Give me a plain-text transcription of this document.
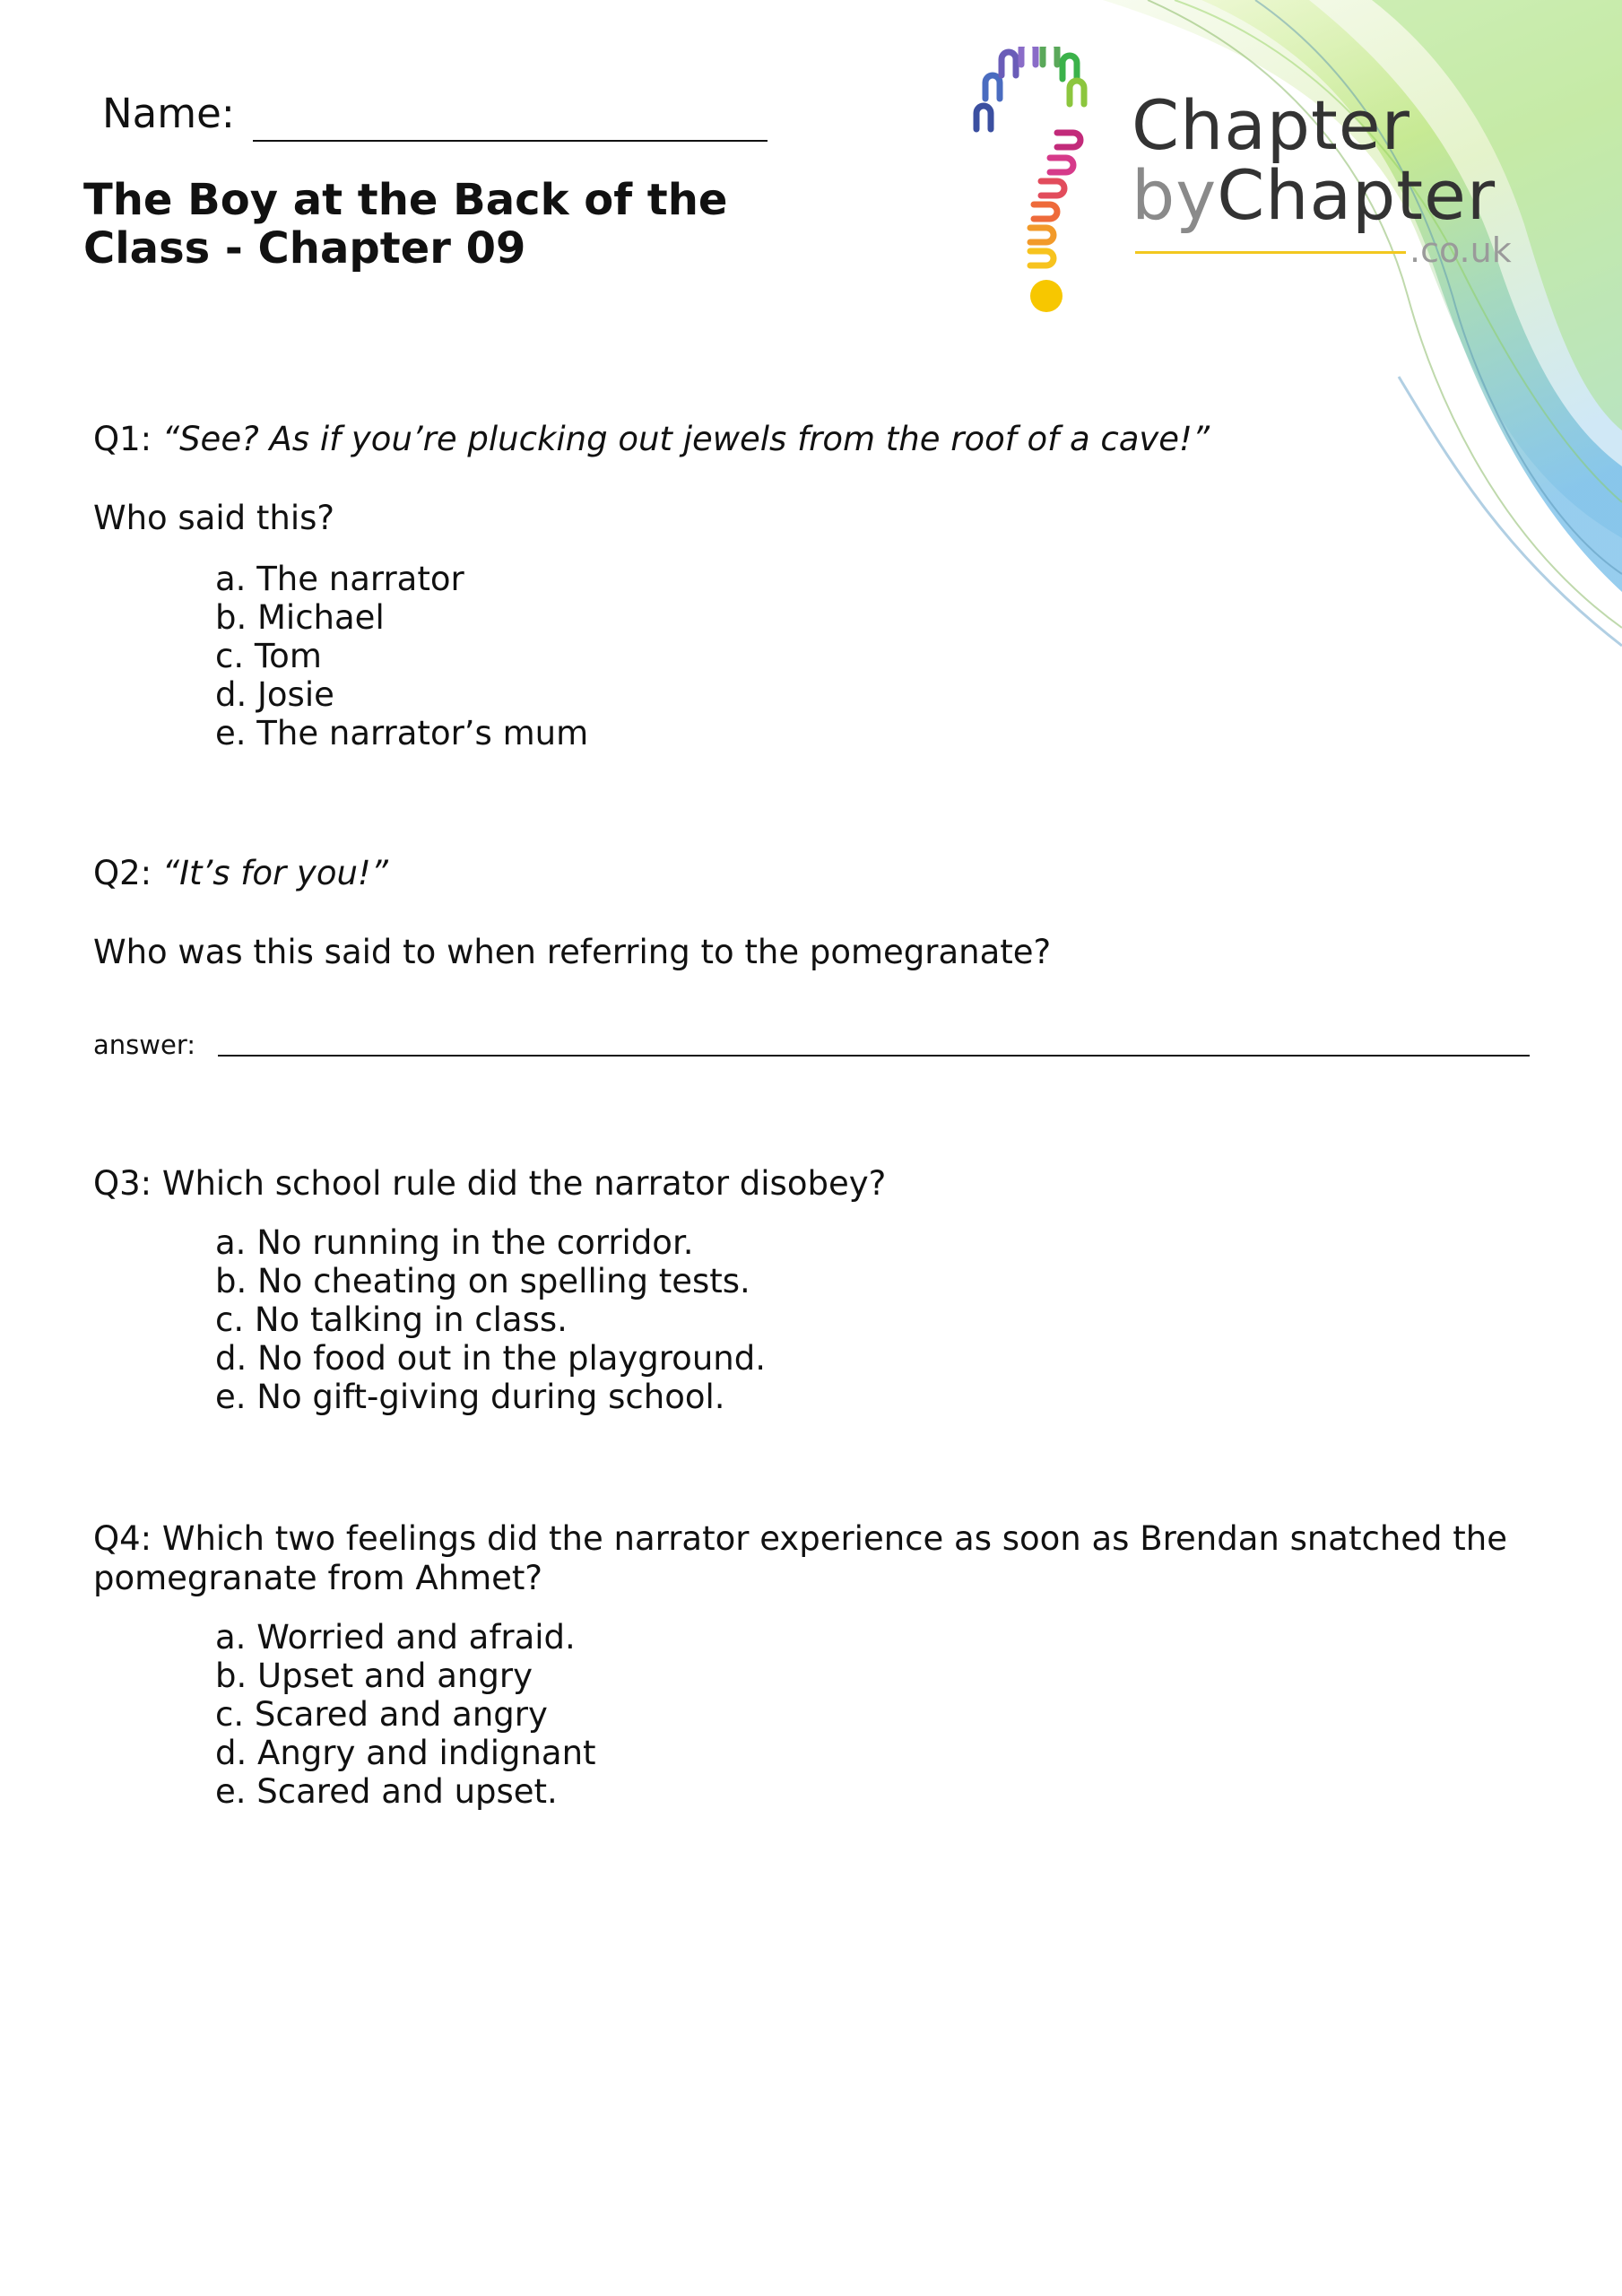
Name:
The Boy at the Back of the Class - Chapter 09
Chapter
byChapter
.co.uk
Q1: “See? As if you’re plucking out jewels from the roof of a cave!”
Who said this?
a. The narrator
b. Michael
c. Tom
d. Josie
e. The narrator’s mum
Q2: “It’s for you!”
Who was this said to when referring to the pomegranate?
answer:
Q3: Which school rule did the narrator disobey?
a. No running in the corridor.
b. No cheating on spelling tests.
c. No talking in class.
d. No food out in the playground.
e. No gift-giving during school.
Q4: Which two feelings did the narrator experience as soon as Brendan snatched the pomegranate from Ahmet?
a. Worried and afraid.
b. Upset and angry
c. Scared and angry
d. Angry and indignant
e. Scared and upset.
